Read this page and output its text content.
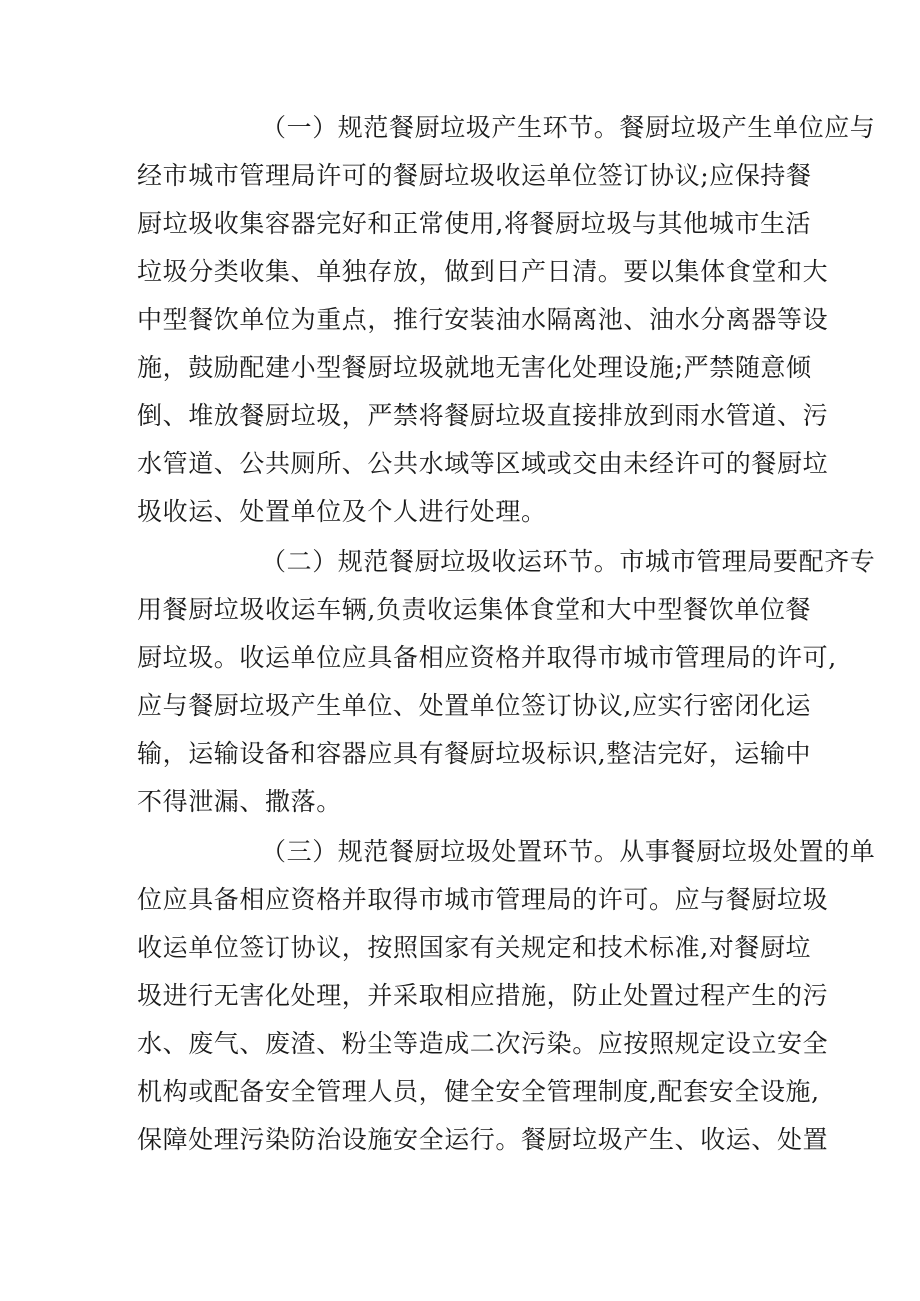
（一）规范餐厨垃圾产生环节。餐厨垃圾产生单位应与
经市城市管理局许可的餐厨垃圾收运单位签订协议;应保持餐
厨垃圾收集容器完好和正常使用,将餐厨垃圾与其他城市生活
垃圾分类收集、单独存放，做到日产日清。要以集体食堂和大
中型餐饮单位为重点，推行安装油水隔离池、油水分离器等设
施，鼓励配建小型餐厨垃圾就地无害化处理设施;严禁随意倾
倒、堆放餐厨垃圾，严禁将餐厨垃圾直接排放到雨水管道、污
水管道、公共厕所、公共水域等区域或交由未经许可的餐厨垃
圾收运、处置单位及个人进行处理。
（二）规范餐厨垃圾收运环节。市城市管理局要配齐专
用餐厨垃圾收运车辆,负责收运集体食堂和大中型餐饮单位餐
厨垃圾。收运单位应具备相应资格并取得市城市管理局的许可,
应与餐厨垃圾产生单位、处置单位签订协议,应实行密闭化运
输，运输设备和容器应具有餐厨垃圾标识,整洁完好，运输中
不得泄漏、撒落。
（三）规范餐厨垃圾处置环节。从事餐厨垃圾处置的单
位应具备相应资格并取得市城市管理局的许可。应与餐厨垃圾
收运单位签订协议，按照国家有关规定和技术标准,对餐厨垃
圾进行无害化处理，并采取相应措施，防止处置过程产生的污
水、废气、废渣、粉尘等造成二次污染。应按照规定设立安全
机构或配备安全管理人员，健全安全管理制度,配套安全设施,
保障处理污染防治设施安全运行。餐厨垃圾产生、收运、处置
